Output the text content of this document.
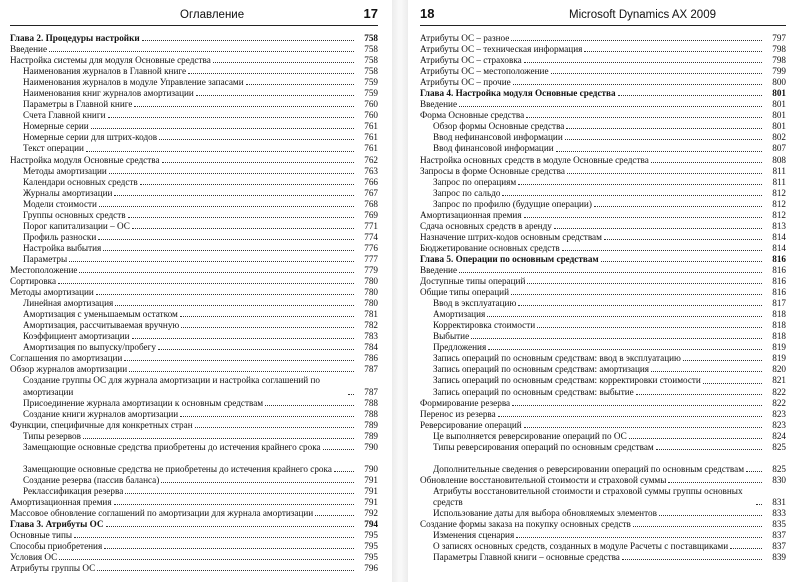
Оглавление	17
Глава 2. Процедуры настройки	758
Введение	758
Настройка системы для модуля Основные средства	758
Наименования журналов в Главной книге	758
Наименования журналов в модуле Управление запасами	759
Наименования книг журналов амортизации	759
Параметры в Главной книге	760
Счета Главной книги	760
Номерные серии	761
Номерные серии для штрих-кодов	761
Текст операции	761
Настройка модуля Основные средства	762
Методы амортизации	763
Календари основных средств	766
Журналы амортизации	767
Модели стоимости	768
Группы основных средств	769
Порог капитализации – ОС	771
Профиль разноски	774
Настройка выбытия	776
Параметры	777
Местоположение	779
Сортировка	780
Методы амортизации	780
Линейная амортизация	780
Амортизация с уменьшаемым остатком	781
Амортизация, рассчитываемая вручную	782
Коэффициент амортизации	783
Амортизация по выпуску/пробегу	784
Соглашения по амортизации	786
Обзор журналов амортизации	787
Создание группы ОС для журнала амортизации и настройка соглашений по амортизации	787
Присоединение журнала амортизации к основным средствам	788
Создание книги журналов амортизации	788
Функции, специфичные для конкретных стран	789
Типы резервов	789
Замещающие основные средства приобретены до истечения крайнего срока	790
Замещающие основные средства не приобретены до истечения крайнего срока	790
Создание резерва (пассив баланса)	791
Реклассификация резерва	791
Амортизационная премия	791
Массовое обновление соглашений по амортизации для журнала амортизации	792
Глава 3. Атрибуты ОС	794
Основные типы	795
Способы приобретения	795
Условия ОС	795
Атрибуты группы ОС	796
18	Microsoft Dynamics AX 2009
Атрибуты ОС – разное	797
Атрибуты ОС – техническая информация	798
Атрибуты ОС – страховка	798
Атрибуты ОС – местоположение	799
Атрибуты ОС – прочие	800
Глава 4. Настройка модуля Основные средства	801
Введение	801
Форма Основные средства	801
Обзор формы Основные средства	801
Ввод нефинансовой информации	802
Ввод финансовой информации	807
Настройка основных средств в модуле Основные средства	808
Запросы в форме Основные средства	811
Запрос по операциям	811
Запрос по сальдо	812
Запрос по профилю (будущие операции)	812
Амортизационная премия	812
Сдача основных средств в аренду	813
Назначение штрих-кодов основным средствам	814
Бюджетирование основных средств	814
Глава 5. Операции по основным средствам	816
Введение	816
Доступные типы операций	816
Общие типы операций	816
Ввод в эксплуатацию	817
Амортизация	818
Корректировка стоимости	818
Выбытие	818
Предложения	819
Запись операций по основным средствам: ввод в эксплуатацию	819
Запись операций по основным средствам: амортизация	820
Запись операций по основным средствам: корректировки стоимости	821
Запись операций по основным средствам: выбытие	822
Формирование резерва	822
Перенос из резерва	823
Реверсирование операций	823
Це выполняется реверсирование операций по ОС	824
Типы реверсирования операций по основным средствам	825
Дополнительные сведения о реверсировании операций по основным средствам	825
Обновление восстановительной стоимости и страховой суммы	830
Атрибуты восстановительной стоимости и страховой суммы группы основных средств	831
Использование даты для выбора обновляемых элементов	833
Создание формы заказа на покупку основных средств	835
Изменения сценария	837
О записях основных средств, созданных в модуле Расчеты с поставщиками	837
Параметры Главной книги – основные средства	839
